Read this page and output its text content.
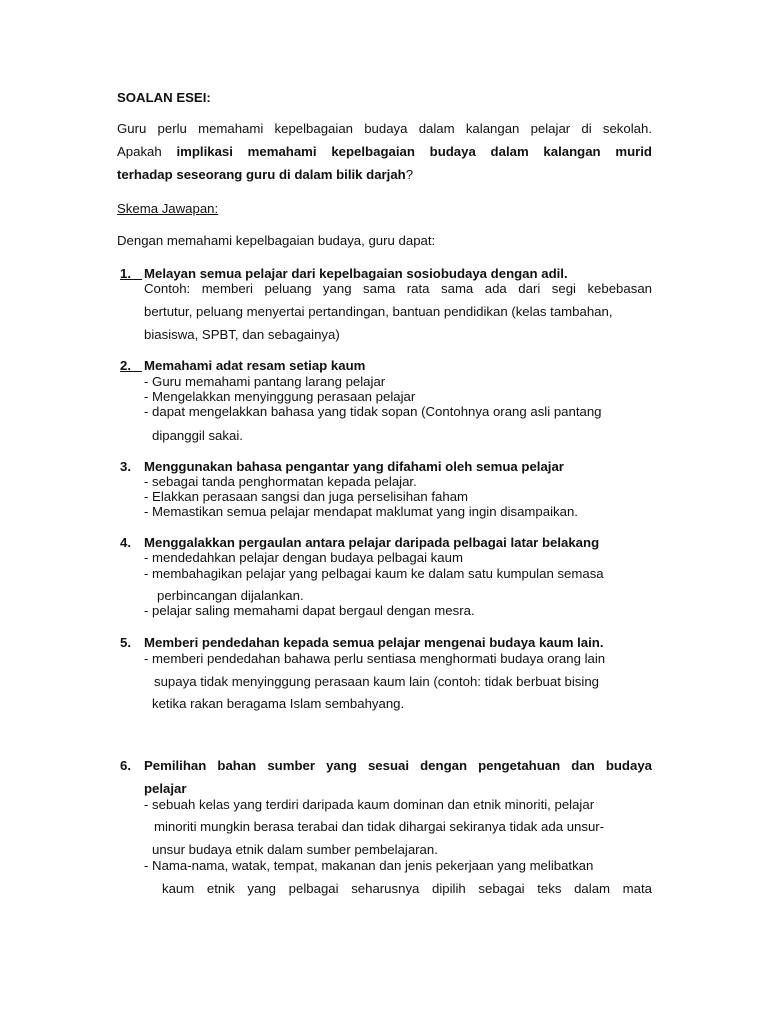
SOALAN ESEI:
Guru perlu memahami kepelbagaian budaya dalam kalangan pelajar di sekolah.
Apakah implikasi memahami kepelbagaian budaya dalam kalangan murid
terhadap seseorang guru di dalam bilik darjah?
Skema Jawapan:
Dengan memahami kepelbagaian budaya, guru dapat:
1. Melayan semua pelajar dari kepelbagaian sosiobudaya dengan adil.
Contoh: memberi peluang yang sama rata sama ada dari segi kebebasan
bertutur, peluang menyertai pertandingan, bantuan pendidikan (kelas tambahan,
biasiswa, SPBT, dan sebagainya)
2. Memahami adat resam setiap kaum
- Guru memahami pantang larang pelajar
- Mengelakkan menyinggung perasaan pelajar
- dapat mengelakkan bahasa yang tidak sopan (Contohnya orang asli pantang
dipanggil sakai.
3. Menggunakan bahasa pengantar yang difahami oleh semua pelajar
- sebagai tanda penghormatan kepada pelajar.
- Elakkan perasaan sangsi dan juga perselisihan faham
- Memastikan semua pelajar mendapat maklumat yang ingin disampaikan.
4. Menggalakkan pergaulan antara pelajar daripada pelbagai latar belakang
- mendedahkan pelajar dengan budaya pelbagai kaum
- membahagikan pelajar yang pelbagai kaum ke dalam satu kumpulan semasa
perbincangan dijalankan.
- pelajar saling memahami dapat bergaul dengan mesra.
5. Memberi pendedahan kepada semua pelajar mengenai budaya kaum lain.
- memberi pendedahan bahawa perlu sentiasa menghormati budaya orang lain
supaya tidak menyinggung perasaan kaum lain (contoh: tidak berbuat bising
ketika rakan beragama Islam sembahyang.
6. Pemilihan bahan sumber yang sesuai dengan pengetahuan dan budaya
pelajar
- sebuah kelas yang terdiri daripada kaum dominan dan etnik minoriti, pelajar
minoriti mungkin berasa terabai dan tidak dihargai sekiranya tidak ada unsur-
unsur budaya etnik dalam sumber pembelajaran.
- Nama-nama, watak, tempat, makanan dan jenis pekerjaan yang melibatkan
kaum etnik yang pelbagai seharusnya dipilih sebagai teks dalam mata
